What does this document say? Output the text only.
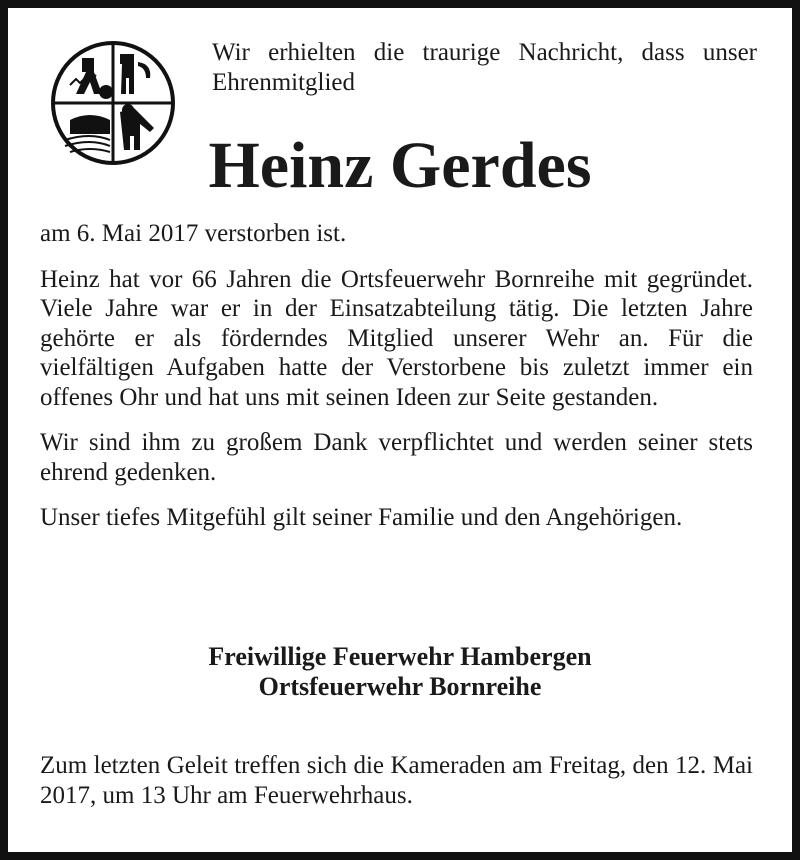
Wir erhielten die traurige Nachricht, dass unser Ehrenmitglied
Heinz Gerdes

am 6. Mai 2017 verstorben ist.

Heinz hat vor 66 Jahren die Ortsfeuerwehr Bornreihe mit gegründet. Viele Jahre war er in der Einsatzabteilung tätig. Die letzten Jahre gehörte er als förderndes Mitglied unserer Wehr an. Für die vielfältigen Aufgaben hatte der Verstorbene bis zuletzt immer ein offenes Ohr und hat uns mit seinen Ideen zur Seite gestanden.

Wir sind ihm zu großem Dank verpflichtet und werden seiner stets ehrend gedenken.

Unser tiefes Mitgefühl gilt seiner Familie und den Angehörigen.

Freiwillige Feuerwehr Hambergen
Ortsfeuerwehr Bornreihe
Zum letzten Geleit treffen sich die Kameraden am Freitag, den 12. Mai 2017, um 13 Uhr am Feuerwehrhaus.
